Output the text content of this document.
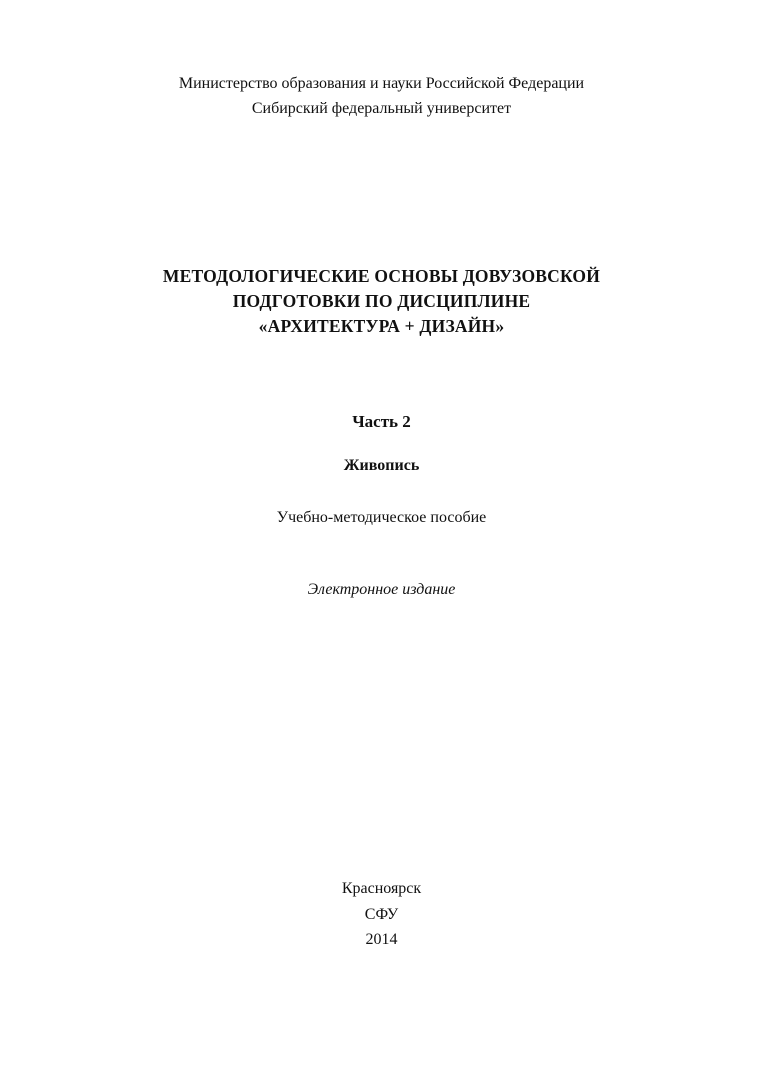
Министерство образования и науки Российской Федерации
Сибирский федеральный университет
МЕТОДОЛОГИЧЕСКИЕ ОСНОВЫ ДОВУЗОВСКОЙ
ПОДГОТОВКИ ПО ДИСЦИПЛИНЕ
«АРХИТЕКТУРА + ДИЗАЙН»
Часть 2
Живопись
Учебно-методическое пособие
Электронное издание
Красноярск
СФУ
2014
